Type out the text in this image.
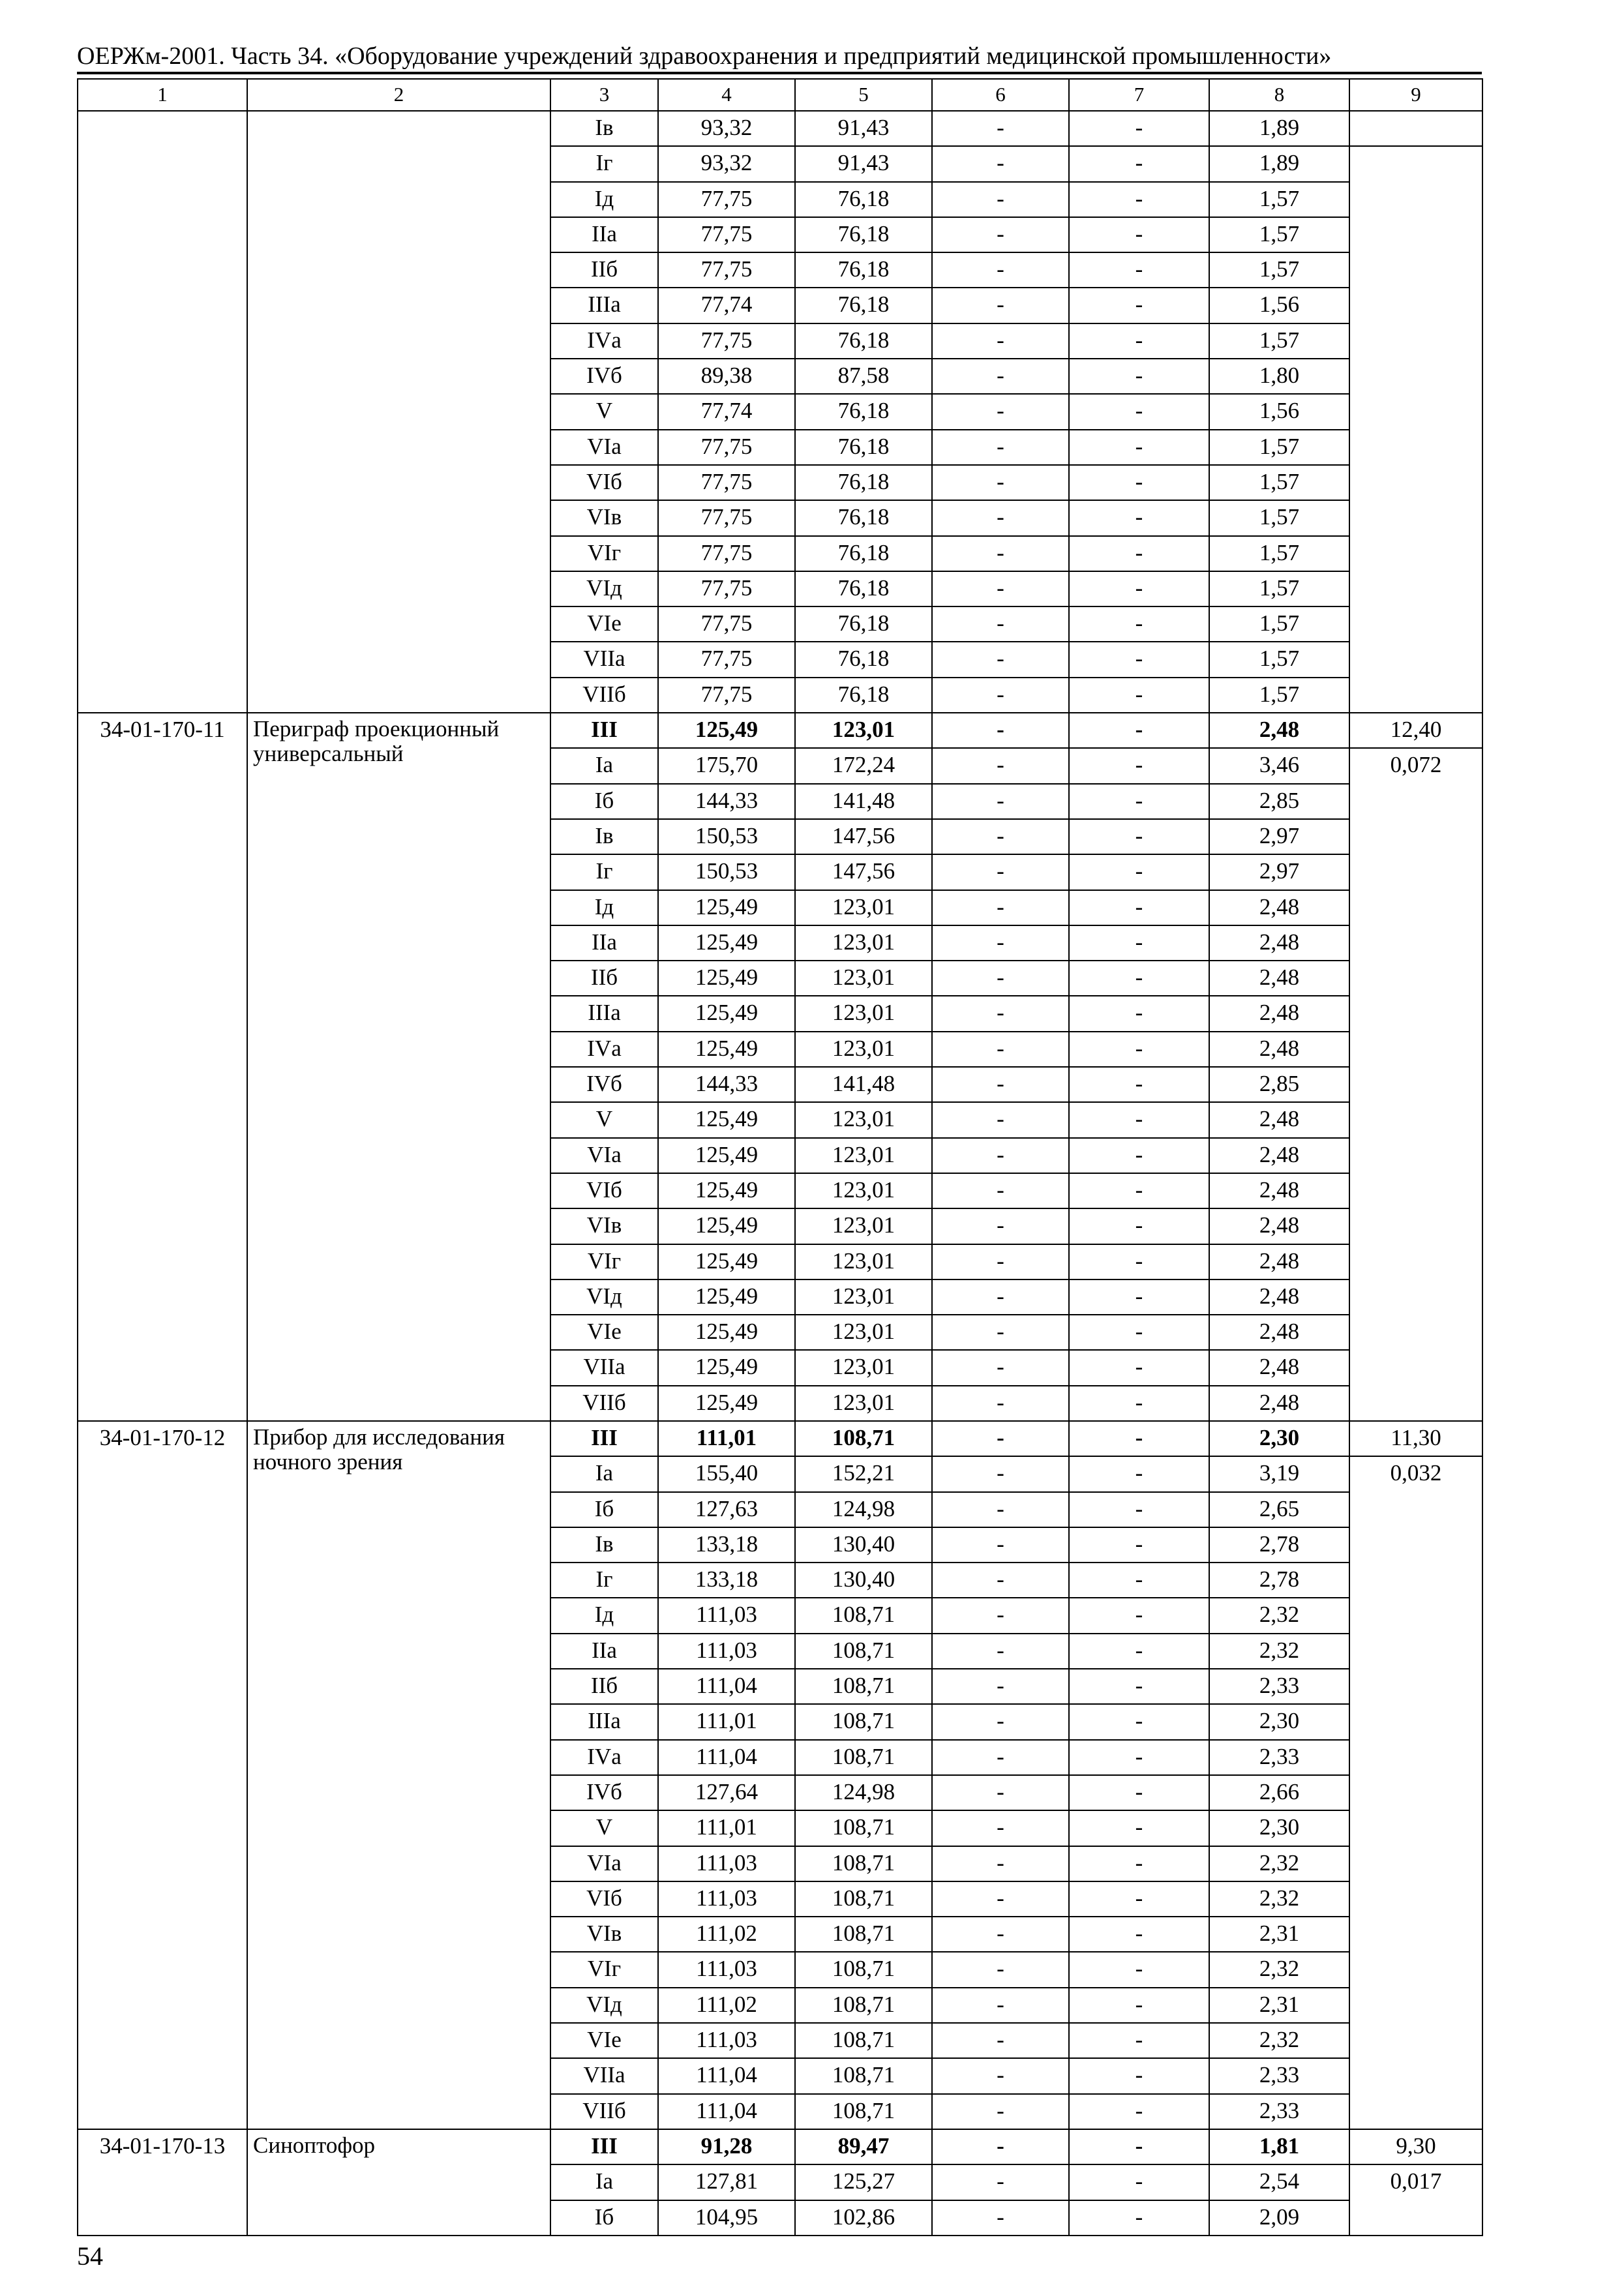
ОЕРЖм-2001. Часть 34. «Оборудование учреждений здравоохранения и предприятий медицинской промышленности»
1	2	3	4	5	6	7	8	9
		Iв	93,32	91,43	-	-	1,89	
		Iг	93,32	91,43	-	-	1,89	
		Iд	77,75	76,18	-	-	1,57	
		IIа	77,75	76,18	-	-	1,57	
		IIб	77,75	76,18	-	-	1,57	
		IIIа	77,74	76,18	-	-	1,56	
		IVа	77,75	76,18	-	-	1,57	
		IVб	89,38	87,58	-	-	1,80	
		V	77,74	76,18	-	-	1,56	
		VIа	77,75	76,18	-	-	1,57	
		VIб	77,75	76,18	-	-	1,57	
		VIв	77,75	76,18	-	-	1,57	
		VIг	77,75	76,18	-	-	1,57	
		VIд	77,75	76,18	-	-	1,57	
		VIе	77,75	76,18	-	-	1,57	
		VIIа	77,75	76,18	-	-	1,57	
		VIIб	77,75	76,18	-	-	1,57	
34-01-170-11	Периграф проекционный универсальный	III	125,49	123,01	-	-	2,48	12,40
		Iа	175,70	172,24	-	-	3,46	0,072
		Iб	144,33	141,48	-	-	2,85	
		Iв	150,53	147,56	-	-	2,97	
		Iг	150,53	147,56	-	-	2,97	
		Iд	125,49	123,01	-	-	2,48	
		IIа	125,49	123,01	-	-	2,48	
		IIб	125,49	123,01	-	-	2,48	
		IIIа	125,49	123,01	-	-	2,48	
		IVа	125,49	123,01	-	-	2,48	
		IVб	144,33	141,48	-	-	2,85	
		V	125,49	123,01	-	-	2,48	
		VIа	125,49	123,01	-	-	2,48	
		VIб	125,49	123,01	-	-	2,48	
		VIв	125,49	123,01	-	-	2,48	
		VIг	125,49	123,01	-	-	2,48	
		VIд	125,49	123,01	-	-	2,48	
		VIе	125,49	123,01	-	-	2,48	
		VIIа	125,49	123,01	-	-	2,48	
		VIIб	125,49	123,01	-	-	2,48	
34-01-170-12	Прибор для исследования ночного зрения	III	111,01	108,71	-	-	2,30	11,30
		Iа	155,40	152,21	-	-	3,19	0,032
		Iб	127,63	124,98	-	-	2,65	
		Iв	133,18	130,40	-	-	2,78	
		Iг	133,18	130,40	-	-	2,78	
		Iд	111,03	108,71	-	-	2,32	
		IIа	111,03	108,71	-	-	2,32	
		IIб	111,04	108,71	-	-	2,33	
		IIIа	111,01	108,71	-	-	2,30	
		IVа	111,04	108,71	-	-	2,33	
		IVб	127,64	124,98	-	-	2,66	
		V	111,01	108,71	-	-	2,30	
		VIа	111,03	108,71	-	-	2,32	
		VIб	111,03	108,71	-	-	2,32	
		VIв	111,02	108,71	-	-	2,31	
		VIг	111,03	108,71	-	-	2,32	
		VIд	111,02	108,71	-	-	2,31	
		VIе	111,03	108,71	-	-	2,32	
		VIIа	111,04	108,71	-	-	2,33	
		VIIб	111,04	108,71	-	-	2,33	
34-01-170-13	Синоптофор	III	91,28	89,47	-	-	1,81	9,30
		Iа	127,81	125,27	-	-	2,54	0,017
		Iб	104,95	102,86	-	-	2,09	
54
